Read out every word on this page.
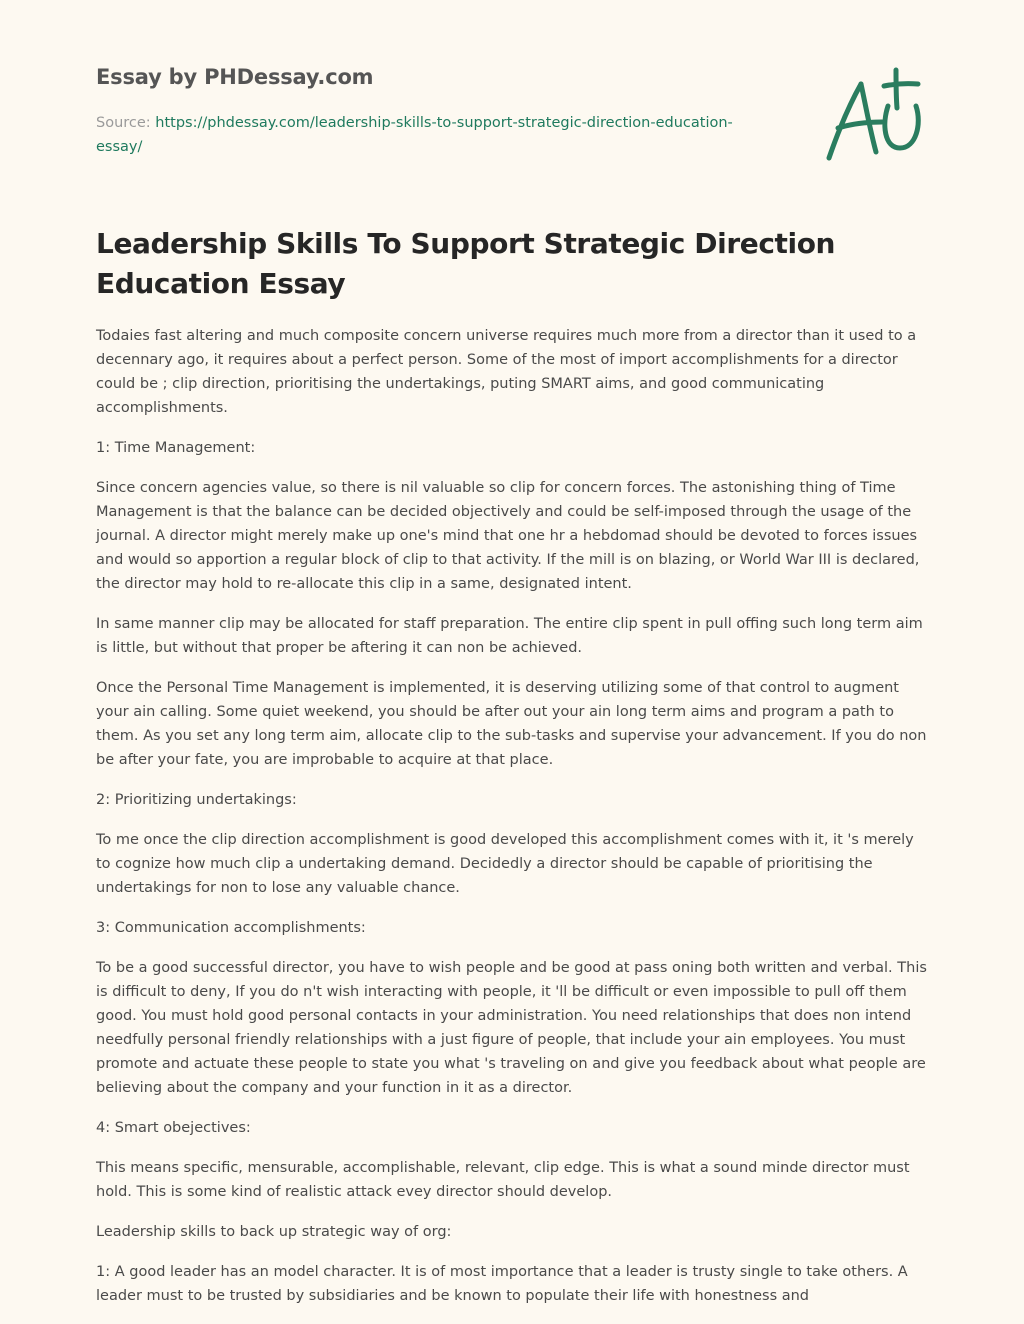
Essay by PHDessay.com
Source: https://phdessay.com/leadership-skills-to-support-strategic-direction-education-essay/
Leadership Skills To Support Strategic Direction Education Essay

Todaies fast altering and much composite concern universe requires much more from a director than it used to a decennary ago, it requires about a perfect person. Some of the most of import accomplishments for a director could be ; clip direction, prioritising the undertakings, puting SMART aims, and good communicating accomplishments.

1: Time Management:

Since concern agencies value, so there is nil valuable so clip for concern forces. The astonishing thing of Time Management is that the balance can be decided objectively and could be self-imposed through the usage of the journal. A director might merely make up one's mind that one hr a hebdomad should be devoted to forces issues and would so apportion a regular block of clip to that activity. If the mill is on blazing, or World War III is declared, the director may hold to re-allocate this clip in a same, designated intent.

In same manner clip may be allocated for staff preparation. The entire clip spent in pull offing such long term aim is little, but without that proper be aftering it can non be achieved.

Once the Personal Time Management is implemented, it is deserving utilizing some of that control to augment your ain calling. Some quiet weekend, you should be after out your ain long term aims and program a path to them. As you set any long term aim, allocate clip to the sub-tasks and supervise your advancement. If you do non be after your fate, you are improbable to acquire at that place.

2: Prioritizing undertakings:

To me once the clip direction accomplishment is good developed this accomplishment comes with it, it 's merely to cognize how much clip a undertaking demand. Decidedly a director should be capable of prioritising the undertakings for non to lose any valuable chance.

3: Communication accomplishments:

To be a good successful director, you have to wish people and be good at pass oning both written and verbal. This is difficult to deny, If you do n't wish interacting with people, it 'll be difficult or even impossible to pull off them good. You must hold good personal contacts in your administration. You need relationships that does non intend needfully personal friendly relationships with a just figure of people, that include your ain employees. You must promote and actuate these people to state you what 's traveling on and give you feedback about what people are believing about the company and your function in it as a director.

4: Smart obejectives:

This means specific, mensurable, accomplishable, relevant, clip edge. This is what a sound minde director must hold. This is some kind of realistic attack evey director should develop.

Leadership skills to back up strategic way of org:

1: A good leader has an model character. It is of most importance that a leader is trusty single to take others. A leader must to be trusted by subsidiaries and be known to populate their life with honestness and
